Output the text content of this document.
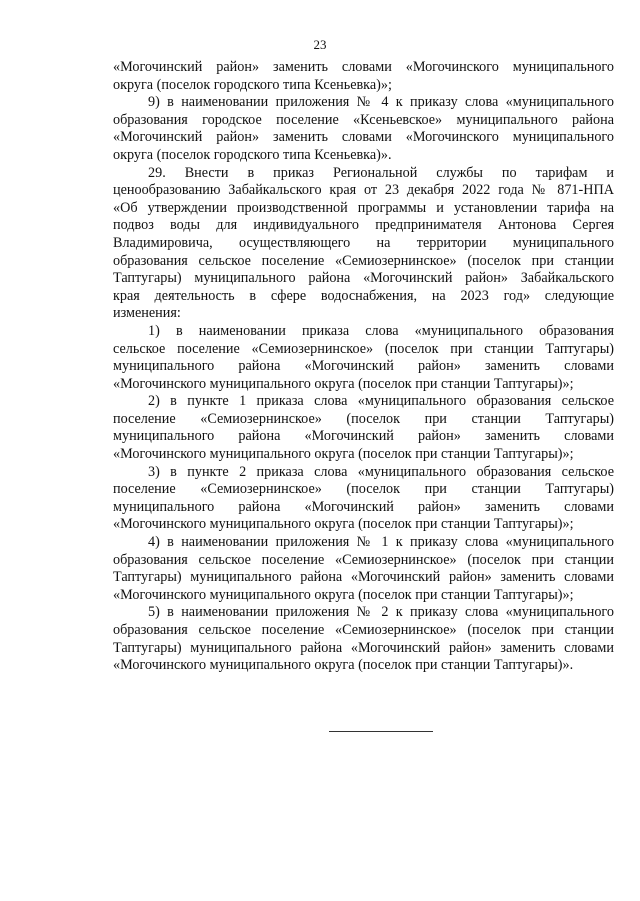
23
«Могочинский район» заменить словами «Могочинского муниципального
округа (поселок городского типа Ксеньевка)»;
9) в наименовании приложения № 4 к приказу слова «муниципального
образования городское поселение «Ксеньевское» муниципального района
«Могочинский район» заменить словами «Могочинского муниципального
округа (поселок городского типа Ксеньевка)».
29. Внести в приказ Региональной службы по тарифам и
ценообразованию Забайкальского края от 23 декабря 2022 года № 871-НПА
«Об утверждении производственной программы и установлении тарифа на
подвоз воды для индивидуального предпринимателя Антонова Сергея
Владимировича, осуществляющего на территории муниципального
образования сельское поселение «Семиозернинское» (поселок при станции
Таптугары) муниципального района «Могочинский район» Забайкальского
края деятельность в сфере водоснабжения, на 2023 год» следующие
изменения:
1) в наименовании приказа слова «муниципального образования
сельское поселение «Семиозернинское» (поселок при станции Таптугары)
муниципального района «Могочинский район» заменить словами
«Могочинского муниципального округа (поселок при станции Таптугары)»;
2) в пункте 1 приказа слова «муниципального образования сельское
поселение «Семиозернинское» (поселок при станции Таптугары)
муниципального района «Могочинский район» заменить словами
«Могочинского муниципального округа (поселок при станции Таптугары)»;
3) в пункте 2 приказа слова «муниципального образования сельское
поселение «Семиозернинское» (поселок при станции Таптугары)
муниципального района «Могочинский район» заменить словами
«Могочинского муниципального округа (поселок при станции Таптугары)»;
4) в наименовании приложения № 1 к приказу слова «муниципального
образования сельское поселение «Семиозернинское» (поселок при станции
Таптугары) муниципального района «Могочинский район» заменить словами
«Могочинского муниципального округа (поселок при станции Таптугары)»;
5) в наименовании приложения № 2 к приказу слова «муниципального
образования сельское поселение «Семиозернинское» (поселок при станции
Таптугары) муниципального района «Могочинский район» заменить словами
«Могочинского муниципального округа (поселок при станции Таптугары)».
